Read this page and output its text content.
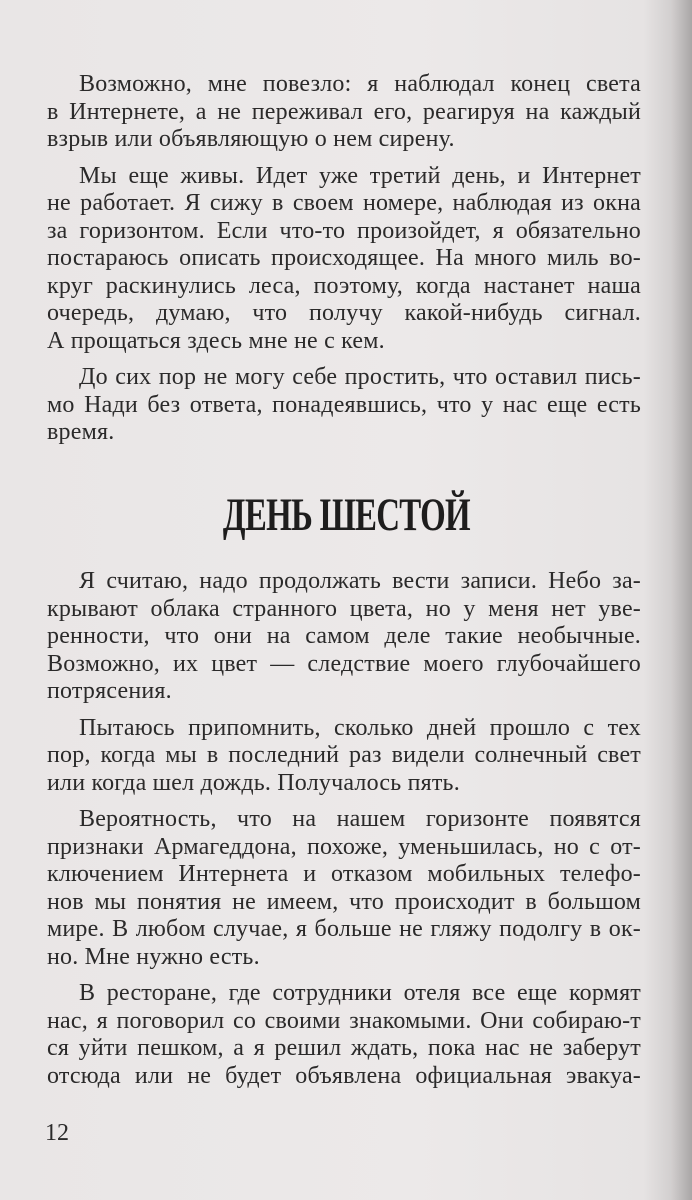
Возможно, мне повезло: я наблюдал конец света
в Интернете, а не переживал его, реагируя на каждый
взрыв или объявляющую о нем сирену.
Мы еще живы. Идет уже третий день, и Интернет
не работает. Я сижу в своем номере, наблюдая из окна
за горизонтом. Если что-то произойдет, я обязательно
постараюсь описать происходящее. На много миль во-
круг раскинулись леса, поэтому, когда настанет наша
очередь, думаю, что получу какой-нибудь сигнал.
А прощаться здесь мне не с кем.
До сих пор не могу себе простить, что оставил пись-
мо Нади без ответа, понадеявшись, что у нас еще есть
время.
ДЕНЬ ШЕСТОЙ
Я считаю, надо продолжать вести записи. Небо за-
крывают облака странного цвета, но у меня нет уве-
ренности, что они на самом деле такие необычные.
Возможно, их цвет — следствие моего глубочайшего
потрясения.
Пытаюсь припомнить, сколько дней прошло с тех
пор, когда мы в последний раз видели солнечный свет
или когда шел дождь. Получалось пять.
Вероятность, что на нашем горизонте появятся
признаки Армагеддона, похоже, уменьшилась, но с от-
ключением Интернета и отказом мобильных телефо-
нов мы понятия не имеем, что происходит в большом
мире. В любом случае, я больше не гляжу подолгу в ок-
но. Мне нужно есть.
В ресторане, где сотрудники отеля все еще кормят
нас, я поговорил со своими знакомыми. Они собираю-т
ся уйти пешком, а я решил ждать, пока нас не заберут
отсюда или не будет объявлена официальная эвакуа-
12
